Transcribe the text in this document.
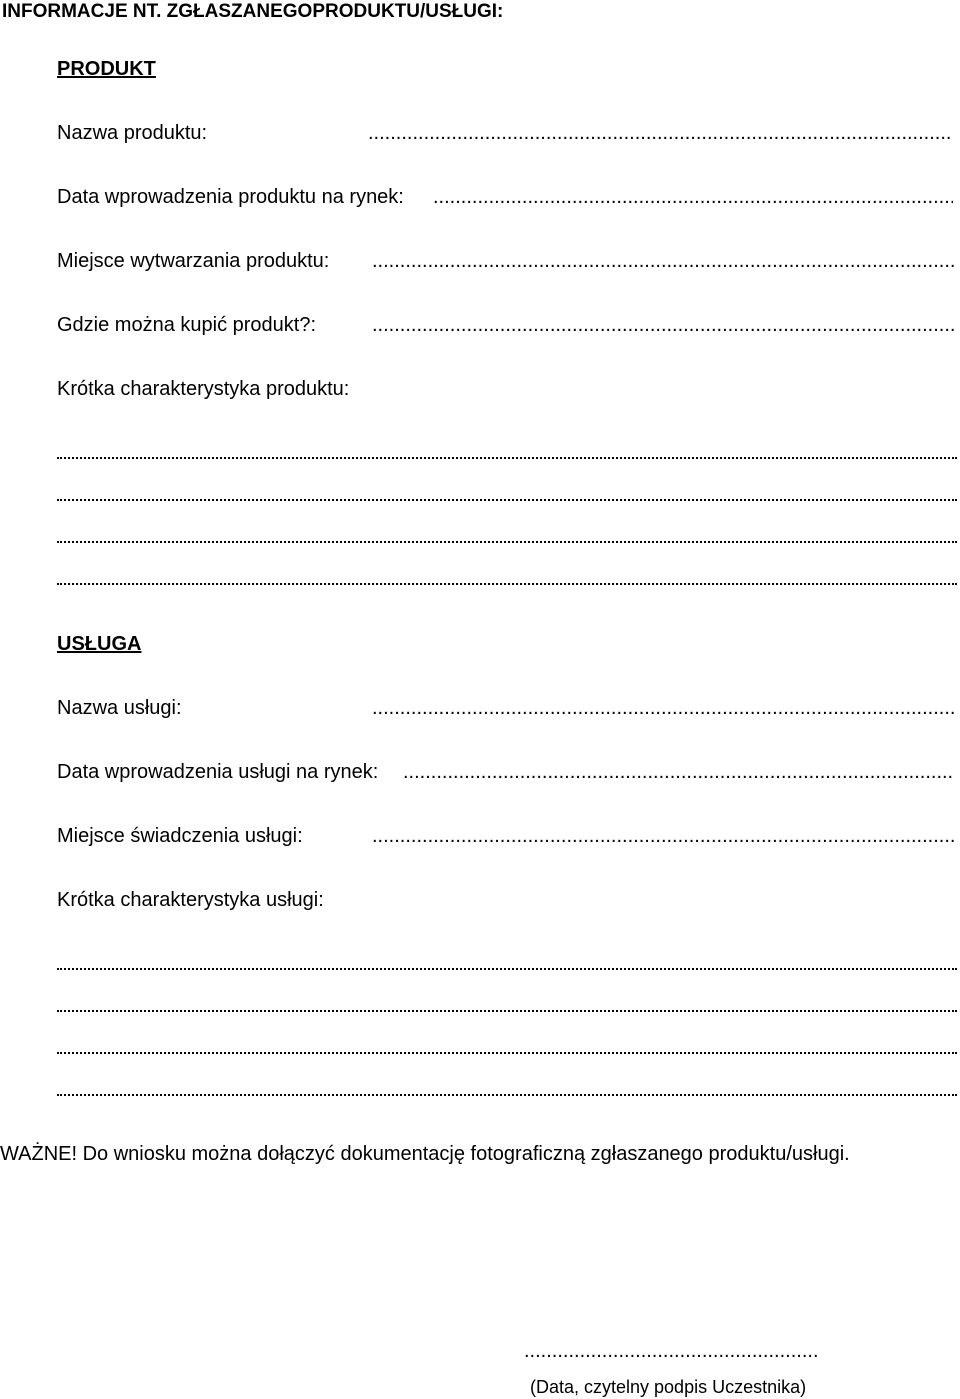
INFORMACJE NT. ZGŁASZANEGOPRODUKTU/USŁUGI:
PRODUKT
Nazwa produktu:
.....
Data wprowadzenia produktu na rynek:
.....
Miejsce wytwarzania produktu:
.....
Gdzie można kupić produkt?:
.....
Krótka charakterystyka produktu:
USŁUGA
Nazwa usługi:
.....
Data wprowadzenia usługi na rynek:
.....
Miejsce świadczenia usługi:
.....
Krótka charakterystyka usługi:
WAŻNE! Do wniosku można dołączyć dokumentację fotograficzną zgłaszanego produktu/usługi.
.....
(Data, czytelny podpis Uczestnika)
